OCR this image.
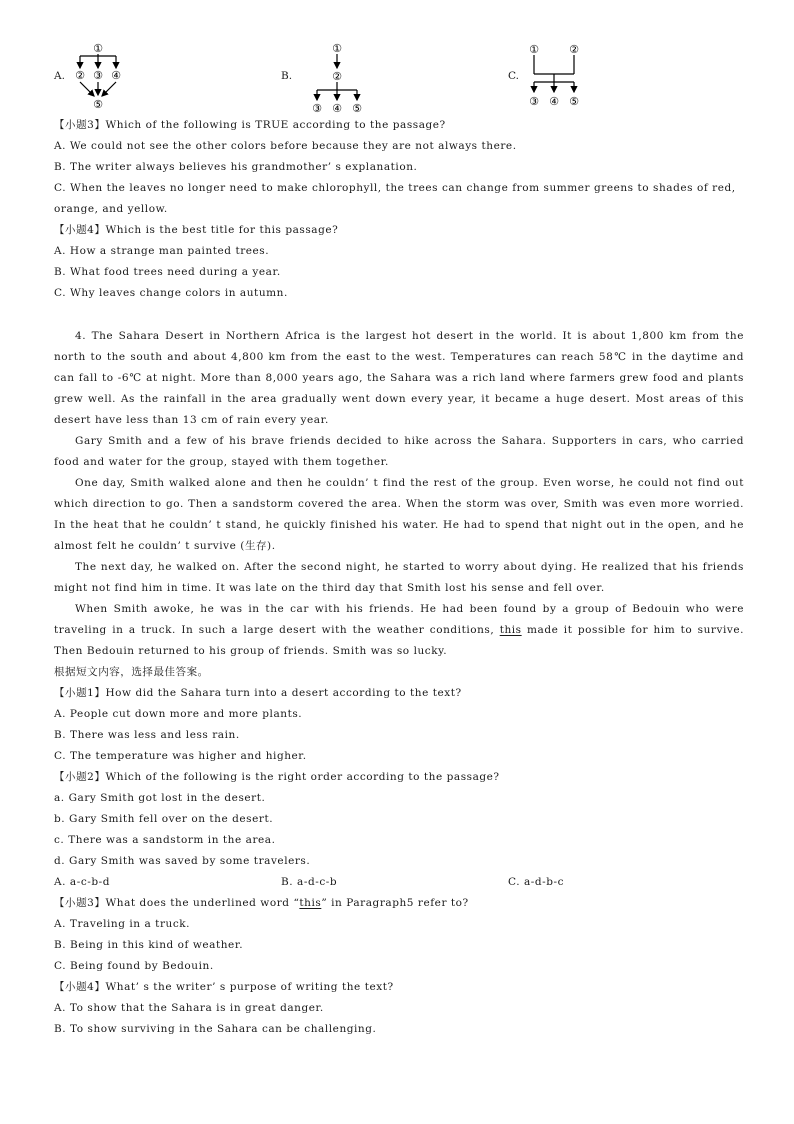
A.
①
② ③ ④
⑤
B.
①
②
③ ④ ⑤
C.
①	②
③ ④ ⑤
【小题3】Which of the following is TRUE according to the passage?
A. We could not see the other colors before because they are not always there.
B. The writer always believes his grandmother’ s explanation.
C. When the leaves no longer need to make chlorophyll, the trees can change from summer greens to shades of red,
orange, and yellow.
【小题4】Which is the best title for this passage?
A. How a strange man painted trees.
B. What food trees need during a year.
C. Why leaves change colors in autumn.

4. The Sahara Desert in Northern Africa is the largest hot desert in the world. It is about 1,800 km from the north to the south and about 4,800 km from the east to the west. Temperatures can reach 58℃ in the daytime and can fall to -6℃ at night. More than 8,000 years ago, the Sahara was a rich land where farmers grew food and plants grew well. As the rainfall in the area gradually went down every year, it became a huge desert. Most areas of this desert have less than 13 cm of rain every year.

Gary Smith and a few of his brave friends decided to hike across the Sahara. Supporters in cars, who carried food and water for the group, stayed with them together.

One day, Smith walked alone and then he couldn’ t find the rest of the group. Even worse, he could not find out which direction to go. Then a sandstorm covered the area. When the storm was over, Smith was even more worried. In the heat that he couldn’ t stand, he quickly finished his water. He had to spend that night out in the open, and he almost felt he couldn’ t survive (生存).

The next day, he walked on. After the second night, he started to worry about dying. He realized that his friends might not find him in time. It was late on the third day that Smith lost his sense and fell over.

When Smith awoke, he was in the car with his friends. He had been found by a group of Bedouin who were traveling in a truck. In such a large desert with the weather conditions, this made it possible for him to survive. Then Bedouin returned to his group of friends. Smith was so lucky.

根据短文内容，选择最佳答案。
【小题1】How did the Sahara turn into a desert according to the text?
A. People cut down more and more plants.
B. There was less and less rain.
C. The temperature was higher and higher.
【小题2】Which of the following is the right order according to the passage?
a. Gary Smith got lost in the desert.
b. Gary Smith fell over on the desert.
c. There was a sandstorm in the area.
d. Gary Smith was saved by some travelers.
A. a-c-b-d	B. a-d-c-b	C. a-d-b-c
【小题3】What does the underlined word “this” in Paragraph5 refer to?
A. Traveling in a truck.
B. Being in this kind of weather.
C. Being found by Bedouin.
【小题4】What’ s the writer’ s purpose of writing the text?
A. To show that the Sahara is in great danger.
B. To show surviving in the Sahara can be challenging.
